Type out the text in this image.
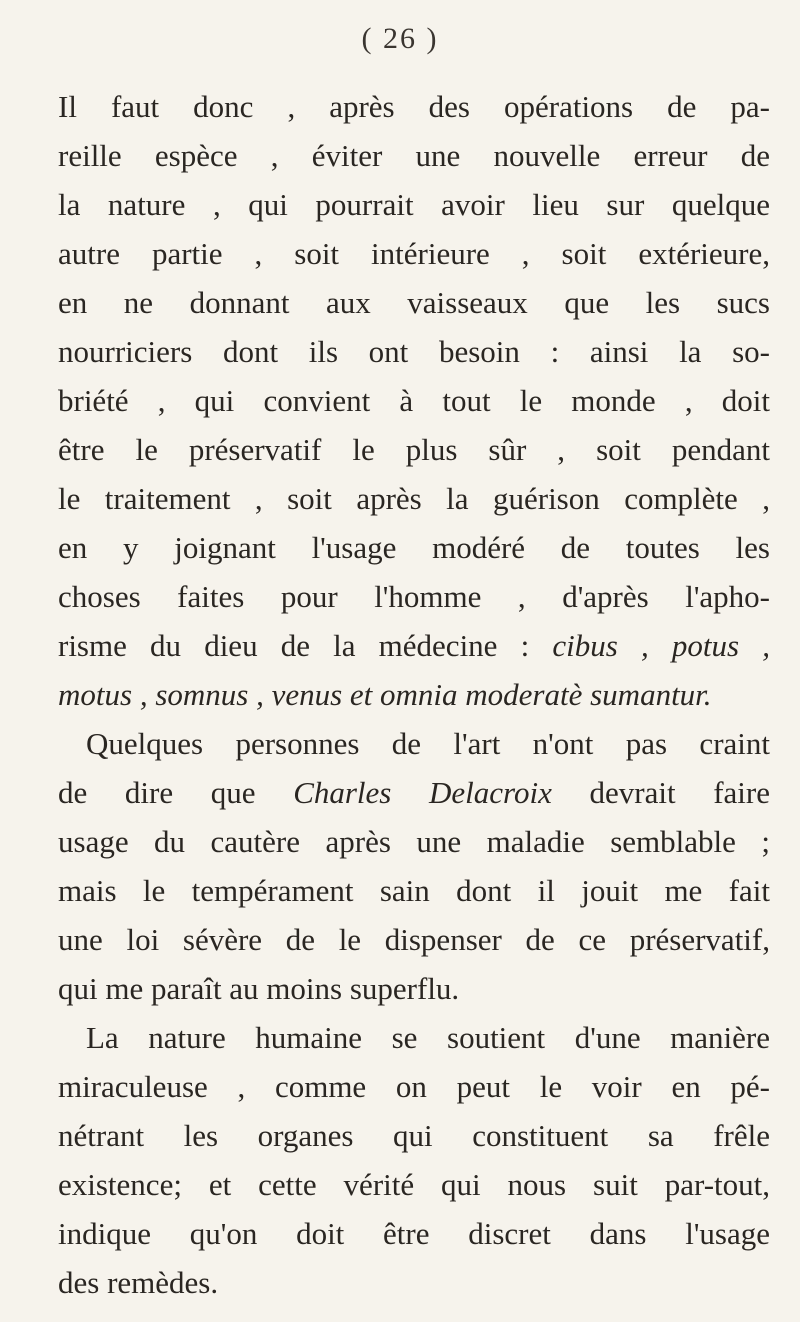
( 26 )
Il faut donc , après des opérations de pa-
reille espèce , éviter une nouvelle erreur de
la nature , qui pourrait avoir lieu sur quelque
autre partie , soit intérieure , soit extérieure,
en ne donnant aux vaisseaux que les sucs
nourriciers dont ils ont besoin : ainsi la so-
briété , qui convient à tout le monde , doit
être le préservatif le plus sûr , soit pendant
le traitement , soit après la guérison complète ,
en y joignant l'usage modéré de toutes les
choses faites pour l'homme , d'après l'apho-
risme du dieu de la médecine : cibus , potus ,
motus , somnus , venus et omnia moderatè sumantur.
Quelques personnes de l'art n'ont pas craint
de dire que Charles Delacroix devrait faire
usage du cautère après une maladie semblable ;
mais le tempérament sain dont il jouit me fait
une loi sévère de le dispenser de ce préservatif,
qui me paraît au moins superflu.
La nature humaine se soutient d'une manière
miraculeuse , comme on peut le voir en pé-
nétrant les organes qui constituent sa frêle
existence; et cette vérité qui nous suit par-tout,
indique qu'on doit être discret dans l'usage
des remèdes.
